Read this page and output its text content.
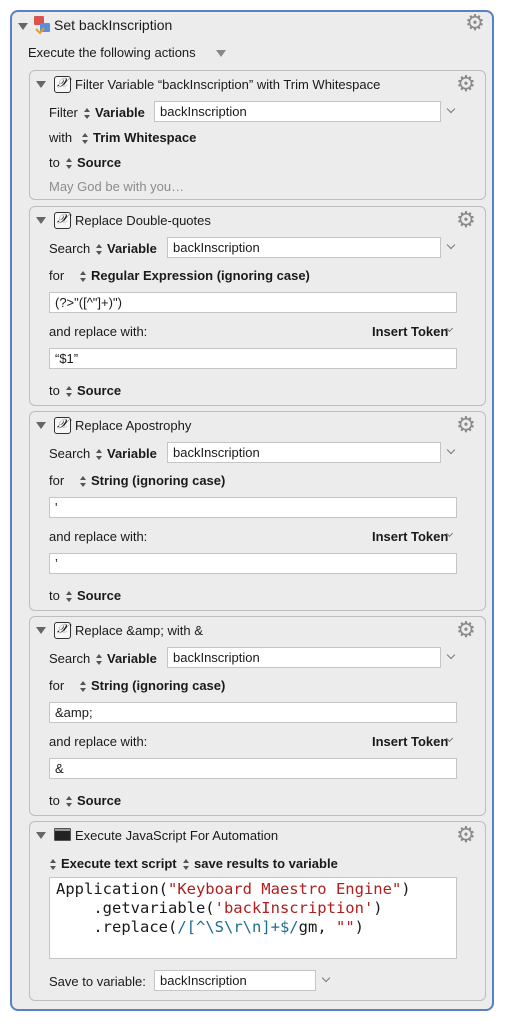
Set backInscription	⚙
Execute the following actions
𝒳 Filter Variable “backInscription” with Trim Whitespace	⚙
Filter	Variable	backInscription
with	Trim Whitespace
to	Source
May God be with you…
𝒳 Replace Double-quotes	⚙
Search	Variable	backInscription
for	Regular Expression (ignoring case)
(?>"([^"]+)")
and replace with:	Insert Token
“$1”
to	Source
𝒳 Replace Apostrophy	⚙
Search	Variable	backInscription
for	String (ignoring case)
'
and replace with:	Insert Token
’
to	Source
𝒳 Replace &amp; with &	⚙
Search	Variable	backInscription
for	String (ignoring case)
&amp;
and replace with:	Insert Token
&
to	Source
Execute JavaScript For Automation	⚙
Execute text script	save results to variable
Application("Keyboard Maestro Engine")
.getvariable('backInscription')
.replace(/[^\S\r\n]+$/gm, "")
Save to variable:	backInscription
